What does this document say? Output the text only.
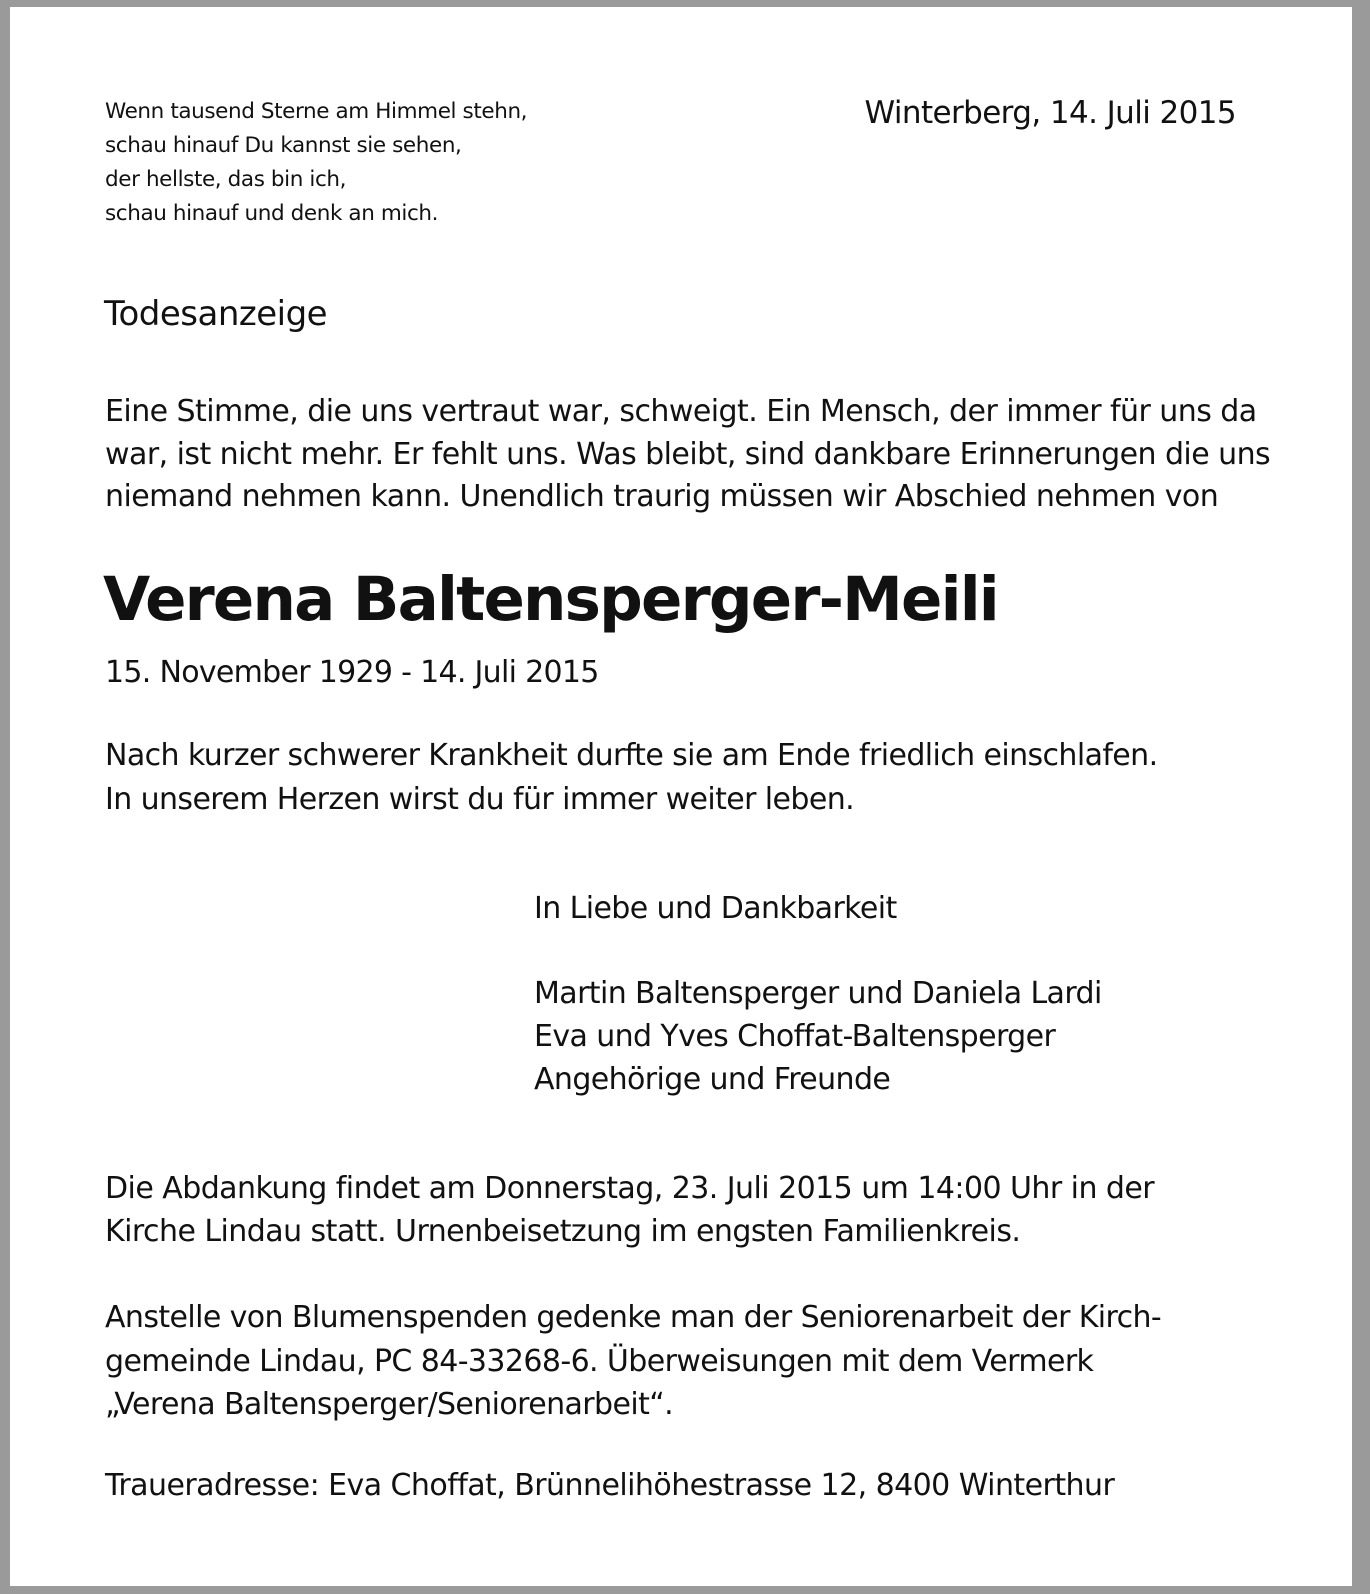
Wenn tausend Sterne am Himmel stehn,
schau hinauf Du kannst sie sehen,
der hellste, das bin ich,
schau hinauf und denk an mich.
Winterberg, 14. Juli 2015
Todesanzeige
Eine Stimme, die uns vertraut war, schweigt. Ein Mensch, der immer für uns da
war, ist nicht mehr. Er fehlt uns. Was bleibt, sind dankbare Erinnerungen die uns
niemand nehmen kann. Unendlich traurig müssen wir Abschied nehmen von
Verena Baltensperger-Meili
15. November 1929 - 14. Juli 2015
Nach kurzer schwerer Krankheit durfte sie am Ende friedlich einschlafen.
In unserem Herzen wirst du für immer weiter leben.
In Liebe und Dankbarkeit
Martin Baltensperger und Daniela Lardi
Eva und Yves Choffat-Baltensperger
Angehörige und Freunde
Die Abdankung findet am Donnerstag, 23. Juli 2015 um 14:00 Uhr in der
Kirche Lindau statt. Urnenbeisetzung im engsten Familienkreis.
Anstelle von Blumenspenden gedenke man der Seniorenarbeit der Kirch-
gemeinde Lindau, PC 84-33268-6. Überweisungen mit dem Vermerk
„Verena Baltensperger/Seniorenarbeit“.
Traueradresse: Eva Choffat, Brünnelihöhestrasse 12, 8400 Winterthur
